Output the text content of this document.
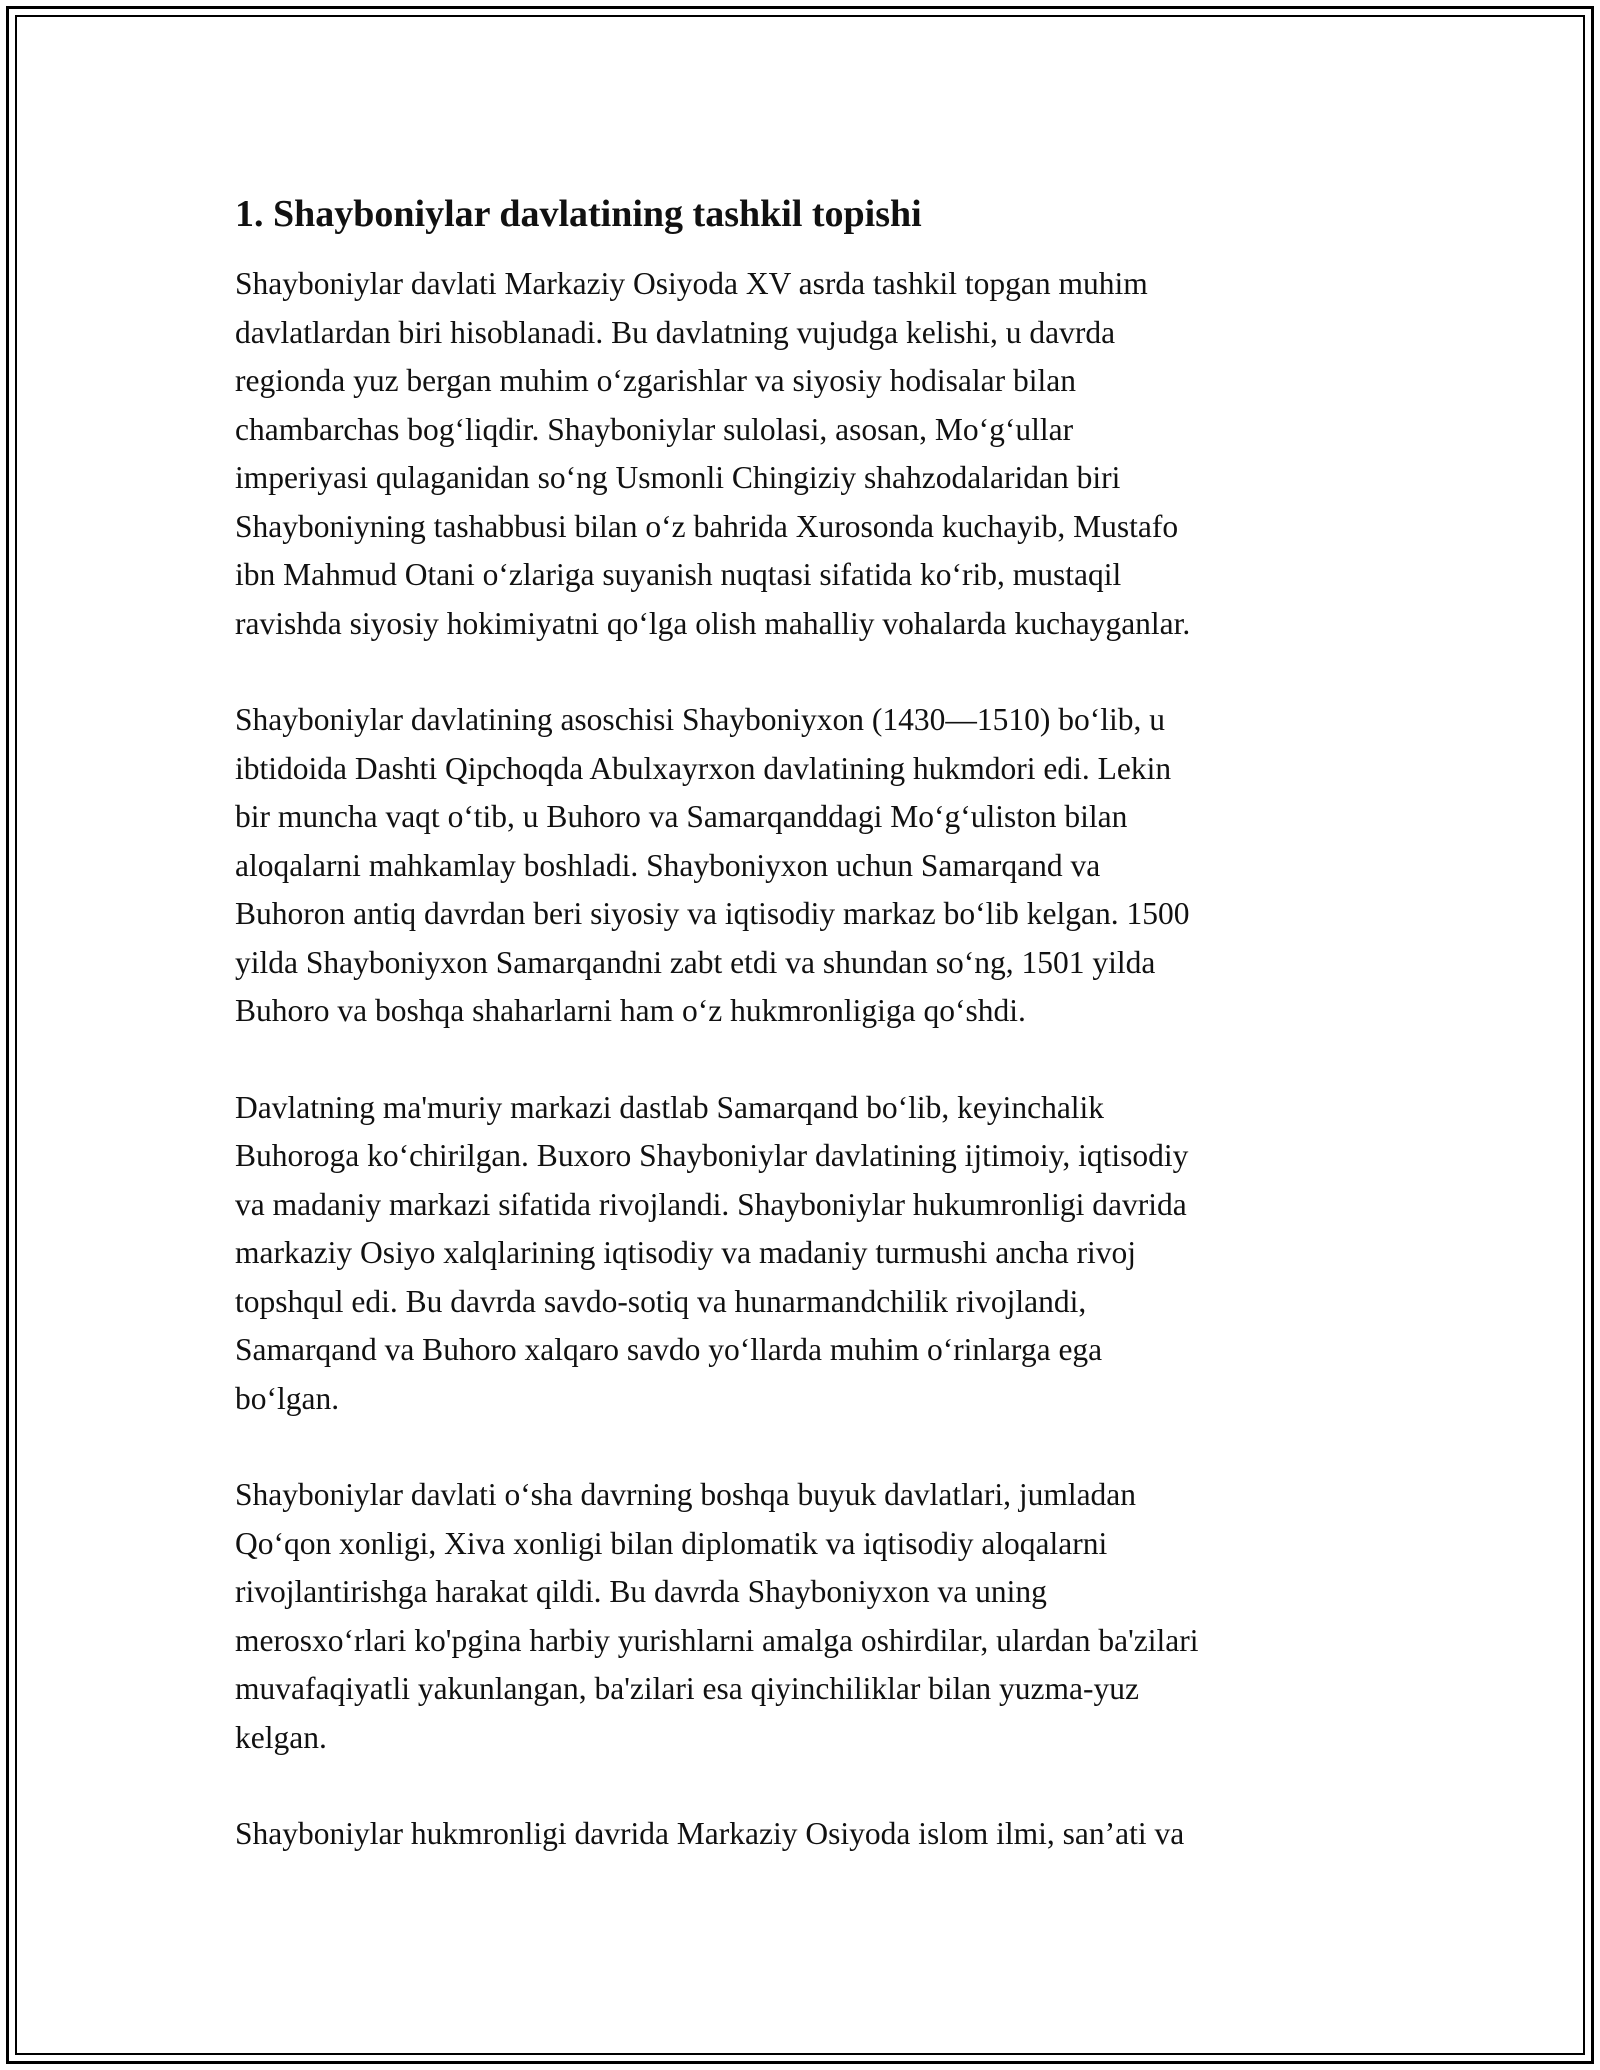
1. Shayboniylar davlatining tashkil topishi

Shayboniylar davlati Markaziy Osiyoda XV asrda tashkil topgan muhim
davlatlardan biri hisoblanadi. Bu davlatning vujudga kelishi, u davrda
regionda yuz bergan muhim o‘zgarishlar va siyosiy hodisalar bilan
chambarchas bog‘liqdir. Shayboniylar sulolasi, asosan, Mo‘g‘ullar
imperiyasi qulaganidan so‘ng Usmonli Chingiziy shahzodalaridan biri
Shayboniyning tashabbusi bilan o‘z bahrida Xurosonda kuchayib, Mustafo
ibn Mahmud Otani o‘zlariga suyanish nuqtasi sifatida ko‘rib, mustaqil
ravishda siyosiy hokimiyatni qo‘lga olish mahalliy vohalarda kuchayganlar.

Shayboniylar davlatining asoschisi Shayboniyxon (1430—1510) bo‘lib, u
ibtidoida Dashti Qipchoqda Abulxayrxon davlatining hukmdori edi. Lekin
bir muncha vaqt o‘tib, u Buhoro va Samarqanddagi Mo‘g‘uliston bilan
aloqalarni mahkamlay boshladi. Shayboniyxon uchun Samarqand va
Buhoron antiq davrdan beri siyosiy va iqtisodiy markaz bo‘lib kelgan. 1500
yilda Shayboniyxon Samarqandni zabt etdi va shundan so‘ng, 1501 yilda
Buhoro va boshqa shaharlarni ham o‘z hukmronligiga qo‘shdi.

Davlatning ma'muriy markazi dastlab Samarqand bo‘lib, keyinchalik
Buhoroga ko‘chirilgan. Buxoro Shayboniylar davlatining ijtimoiy, iqtisodiy
va madaniy markazi sifatida rivojlandi. Shayboniylar hukumronligi davrida
markaziy Osiyo xalqlarining iqtisodiy va madaniy turmushi ancha rivoj
topshqul edi. Bu davrda savdo-sotiq va hunarmandchilik rivojlandi,
Samarqand va Buhoro xalqaro savdo yo‘llarda muhim o‘rinlarga ega
bo‘lgan.

Shayboniylar davlati o‘sha davrning boshqa buyuk davlatlari, jumladan
Qo‘qon xonligi, Xiva xonligi bilan diplomatik va iqtisodiy aloqalarni
rivojlantirishga harakat qildi. Bu davrda Shayboniyxon va uning
merosxo‘rlari ko'pgina harbiy yurishlarni amalga oshirdilar, ulardan ba'zilari
muvafaqiyatli yakunlangan, ba'zilari esa qiyinchiliklar bilan yuzma-yuz
kelgan.

Shayboniylar hukmronligi davrida Markaziy Osiyoda islom ilmi, san’ati va
